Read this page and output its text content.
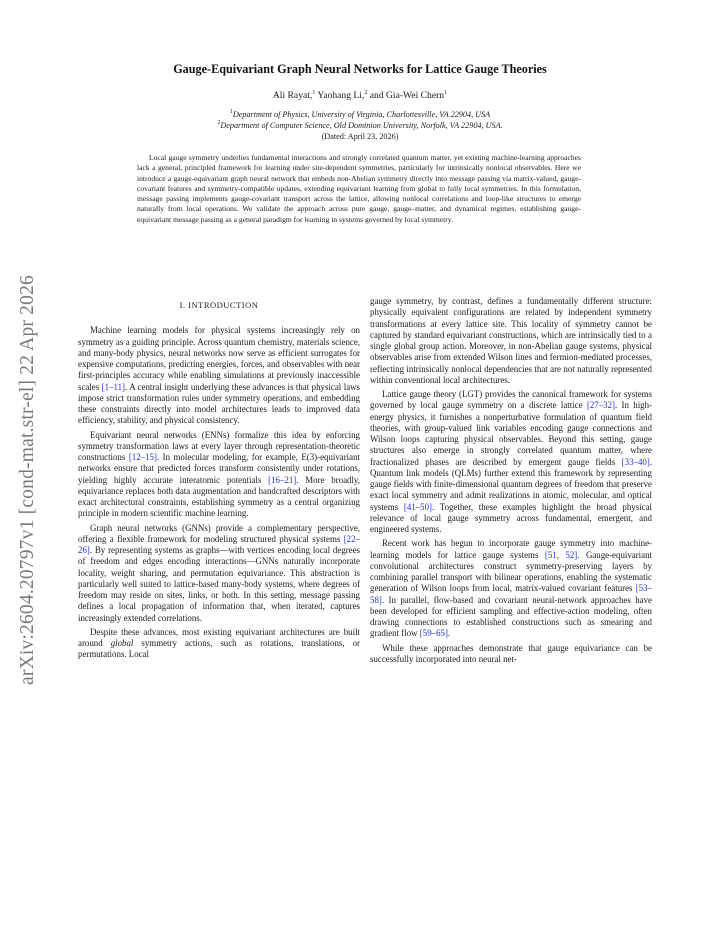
arXiv:2604.20797v1 [cond-mat.str-el] 22 Apr 2026
Gauge-Equivariant Graph Neural Networks for Lattice Gauge Theories
Ali Rayat,$^1$ Yaohang Li,$^2$ and Gia-Wei Chern$^1$
$^1$Department of Physics, University of Virginia, Charlottesville, VA 22904, USA
$^2$Department of Computer Science, Old Dominion University, Norfolk, VA 22904, USA.
(Dated: April 23, 2026)
Local gauge symmetry underlies fundamental interactions and strongly correlated quantum matter, yet existing machine-learning approaches lack a general, principled framework for learning under site-dependent symmetries, particularly for intrinsically nonlocal observables. Here we introduce a gauge-equivariant graph neural network that embeds non-Abelian symmetry directly into message passing via matrix-valued, gauge-covariant features and symmetry-compatible updates, extending equivariant learning from global to fully local symmetries. In this formulation, message passing implements gauge-covariant transport across the lattice, allowing nonlocal correlations and loop-like structures to emerge naturally from local operations. We validate the approach across pure gauge, gauge–matter, and dynamical regimes, establishing gauge-equivariant message passing as a general paradigm for learning in systems governed by local symmetry.
I. INTRODUCTION

Machine learning models for physical systems increasingly rely on symmetry as a guiding principle. Across quantum chemistry, materials science, and many-body physics, neural networks now serve as efficient surrogates for expensive computations, predicting energies, forces, and observables with near first-principles accuracy while enabling simulations at previously inaccessible scales [1–11]. A central insight underlying these advances is that physical laws impose strict transformation rules under symmetry operations, and embedding these constraints directly into model architectures leads to improved data efficiency, stability, and physical consistency.

Equivariant neural networks (ENNs) formalize this idea by enforcing symmetry transformation laws at every layer through representation-theoretic constructions [12–15]. In molecular modeling, for example, E(3)-equivariant networks ensure that predicted forces transform consistently under rotations, yielding highly accurate interatomic potentials [16–21]. More broadly, equivariance replaces both data augmentation and handcrafted descriptors with exact architectural constraints, establishing symmetry as a central organizing principle in modern scientific machine learning.

Graph neural networks (GNNs) provide a complementary perspective, offering a flexible framework for modeling structured physical systems [22–26]. By representing systems as graphs—with vertices encoding local degrees of freedom and edges encoding interactions—GNNs naturally incorporate locality, weight sharing, and permutation equivariance. This abstraction is particularly well suited to lattice-based many-body systems, where degrees of freedom may reside on sites, links, or both. In this setting, message passing defines a local propagation of information that, when iterated, captures increasingly extended correlations.

Despite these advances, most existing equivariant architectures are built around global symmetry actions, such as rotations, translations, or permutations. Local

gauge symmetry, by contrast, defines a fundamentally different structure: physically equivalent configurations are related by independent symmetry transformations at every lattice site. This locality of symmetry cannot be captured by standard equivariant constructions, which are intrinsically tied to a single global group action. Moreover, in non-Abelian gauge systems, physical observables arise from extended Wilson lines and fermion-mediated processes, reflecting intrinsically nonlocal dependencies that are not naturally represented within conventional local architectures.

Lattice gauge theory (LGT) provides the canonical framework for systems governed by local gauge symmetry on a discrete lattice [27–32]. In high-energy physics, it furnishes a nonperturbative formulation of quantum field theories, with group-valued link variables encoding gauge connections and Wilson loops capturing physical observables. Beyond this setting, gauge structures also emerge in strongly correlated quantum matter, where fractionalized phases are described by emergent gauge fields [33–40]. Quantum link models (QLMs) further extend this framework by representing gauge fields with finite-dimensional quantum degrees of freedom that preserve exact local symmetry and admit realizations in atomic, molecular, and optical systems [41–50]. Together, these examples highlight the broad physical relevance of local gauge symmetry across fundamental, emergent, and engineered systems.

Recent work has begun to incorporate gauge symmetry into machine-learning models for lattice gauge systems [51, 52]. Gauge-equivariant convolutional architectures construct symmetry-preserving layers by combining parallel transport with bilinear operations, enabling the systematic generation of Wilson loops from local, matrix-valued covariant features [53–58]. In parallel, flow-based and covariant neural-network approaches have been developed for efficient sampling and effective-action modeling, often drawing connections to established constructions such as smearing and gradient flow [59–65].

While these approaches demonstrate that gauge equivariance can be successfully incorporated into neural net-
